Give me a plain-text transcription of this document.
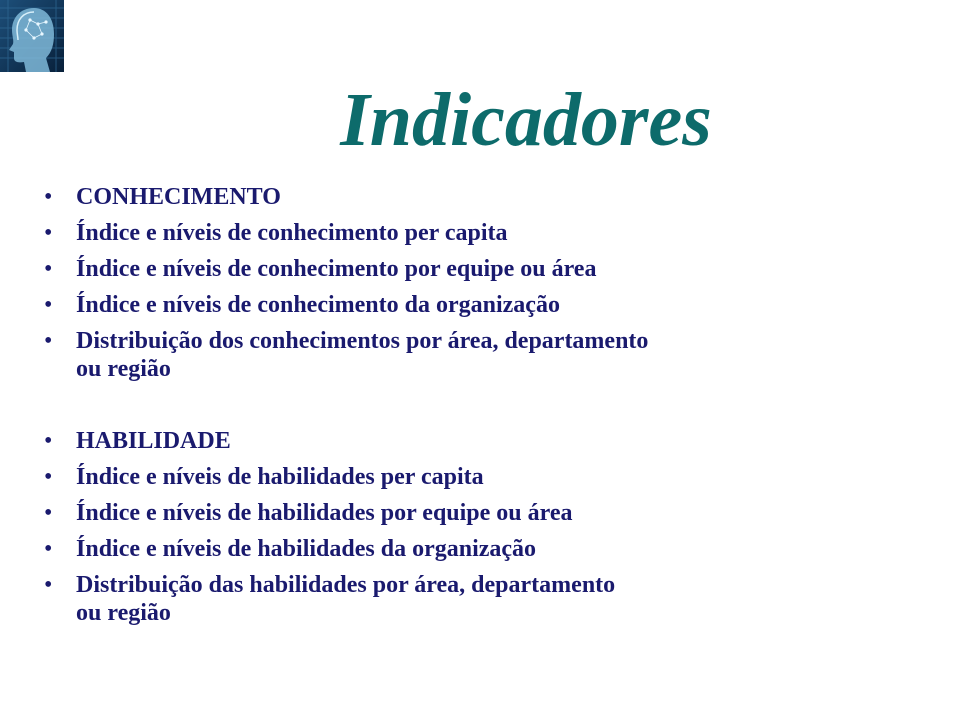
Indicadores
• CONHECIMENTO
• Índice e níveis de conhecimento per capita
• Índice e níveis de conhecimento por equipe ou área
• Índice e níveis de conhecimento da organização
• Distribuição dos conhecimentos por área, departamento ou região
• HABILIDADE
• Índice e níveis de habilidades per capita
• Índice e níveis de habilidades por equipe ou área
• Índice e níveis de habilidades da organização
• Distribuição das habilidades por área, departamento ou região
